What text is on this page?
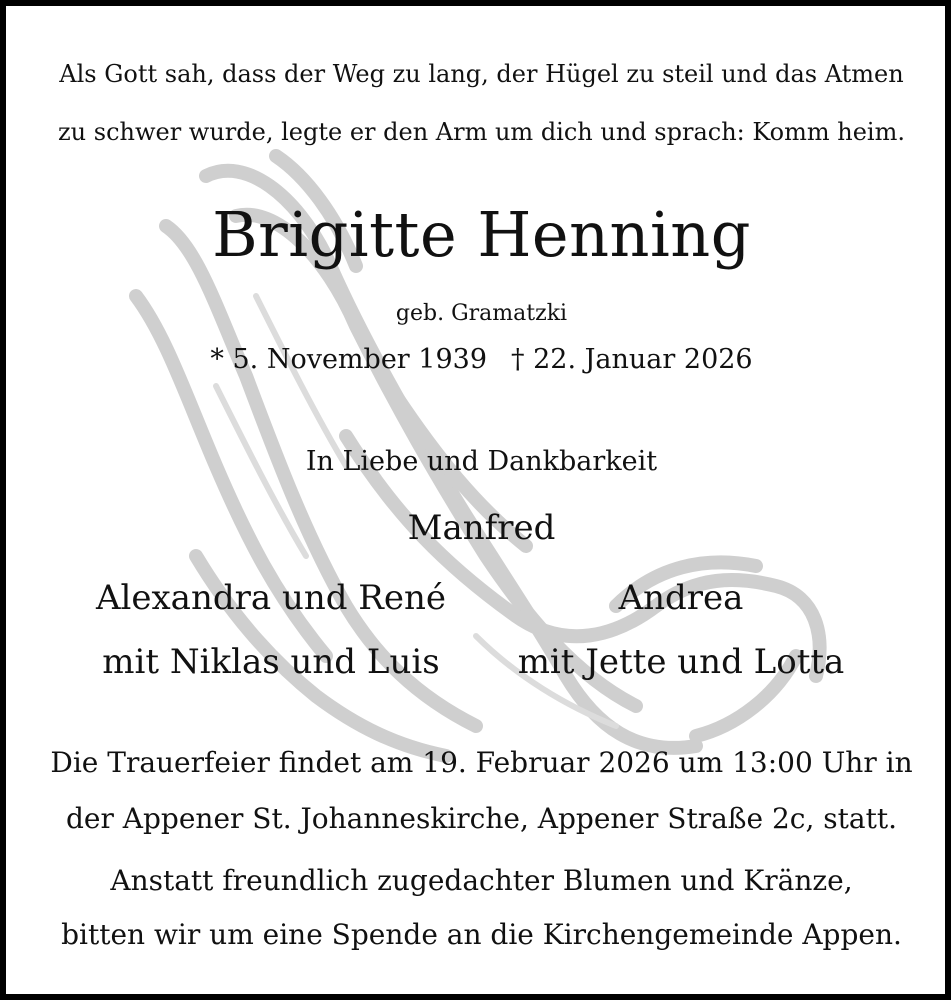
Als Gott sah, dass der Weg zu lang, der Hügel zu steil und das Atmen
zu schwer wurde, legte er den Arm um dich und sprach: Komm heim.
Brigitte Henning
geb. Gramatzki
* 5. November 1939 † 22. Januar 2026
In Liebe und Dankbarkeit
Manfred
Alexandra und René
mit Niklas und Luis
Andrea
mit Jette und Lotta
Die Trauerfeier findet am 19. Februar 2026 um 13:00 Uhr in
der Appener St. Johanneskirche, Appener Straße 2c, statt.
Anstatt freundlich zugedachter Blumen und Kränze,
bitten wir um eine Spende an die Kirchengemeinde Appen.
